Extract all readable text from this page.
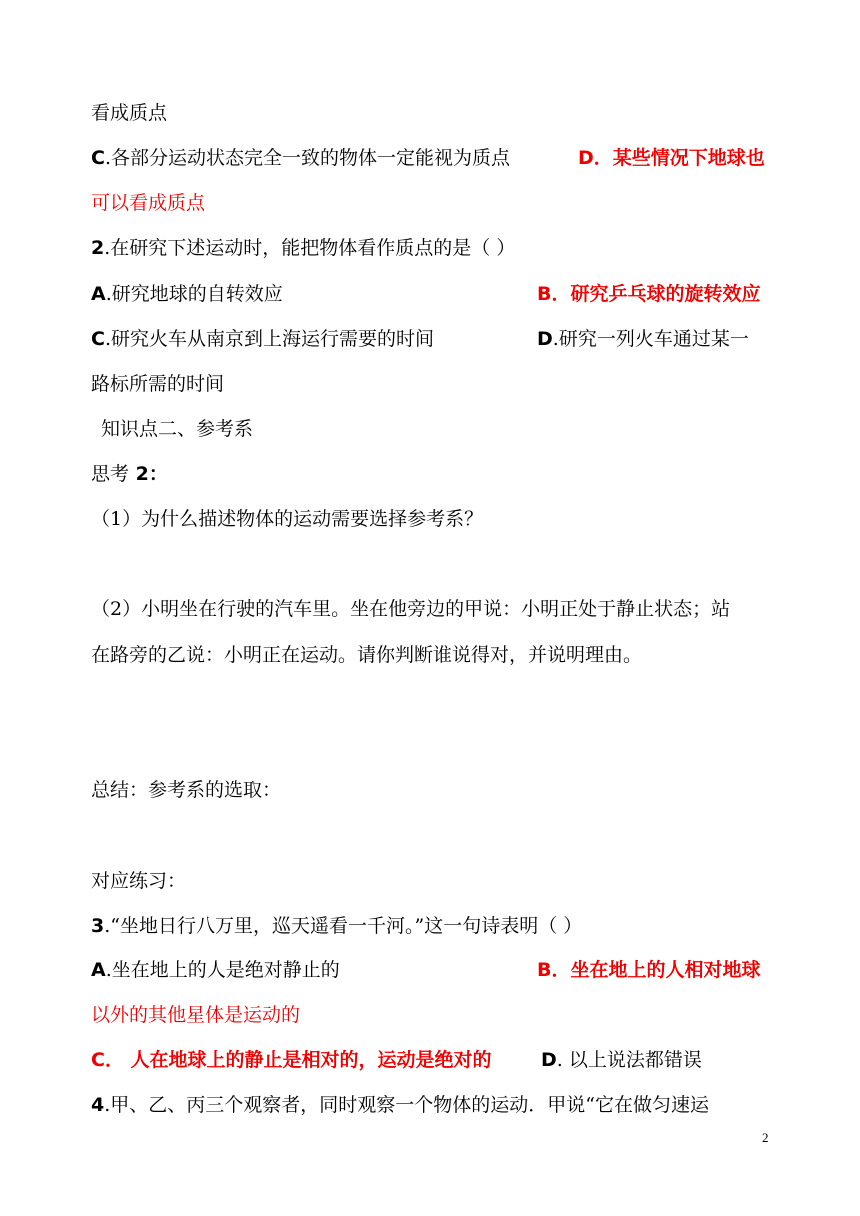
看成质点
C.各部分运动状态完全一致的物体一定能视为质点	D．某些情况下地球也
可以看成质点
2.在研究下述运动时，能把物体看作质点的是（ ）
A.研究地球的自转效应	B．研究乒乓球的旋转效应
C.研究火车从南京到上海运行需要的时间	D.研究一列火车通过某一
路标所需的时间
知识点二、参考系
思考 2：
（1）为什么描述物体的运动需要选择参考系？
（2）小明坐在行驶的汽车里。坐在他旁边的甲说：小明正处于静止状态；站
在路旁的乙说：小明正在运动。请你判断谁说得对，并说明理由。
总结：参考系的选取：
对应练习：
3.“坐地日行八万里，巡天遥看一千河。”这一句诗表明（ ）
A.坐在地上的人是绝对静止的	B．坐在地上的人相对地球
以外的其他星体是运动的
C． 人在地球上的静止是相对的，运动是绝对的	D. 以上说法都错误
4.甲、乙、丙三个观察者，同时观察一个物体的运动．甲说“它在做匀速运
2
